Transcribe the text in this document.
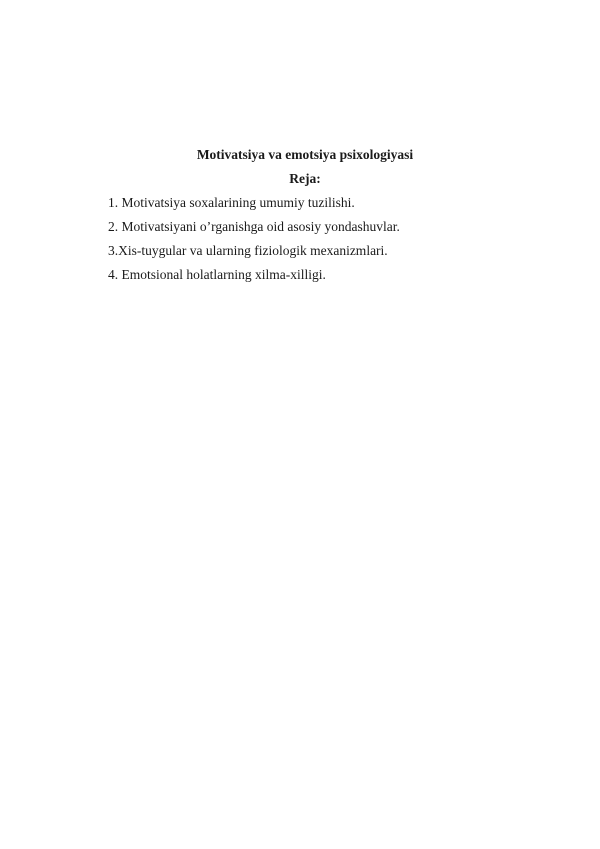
Motivatsiya va emotsiya psixologiyasi
Reja:
1. Motivatsiya soxalarining umumiy tuzilishi.
2. Motivatsiyani o’rganishga oid asosiy yondashuvlar.
3.Xis-tuygular va ularning fiziologik mexanizmlari.
4. Emotsional holatlarning xilma-xilligi.
